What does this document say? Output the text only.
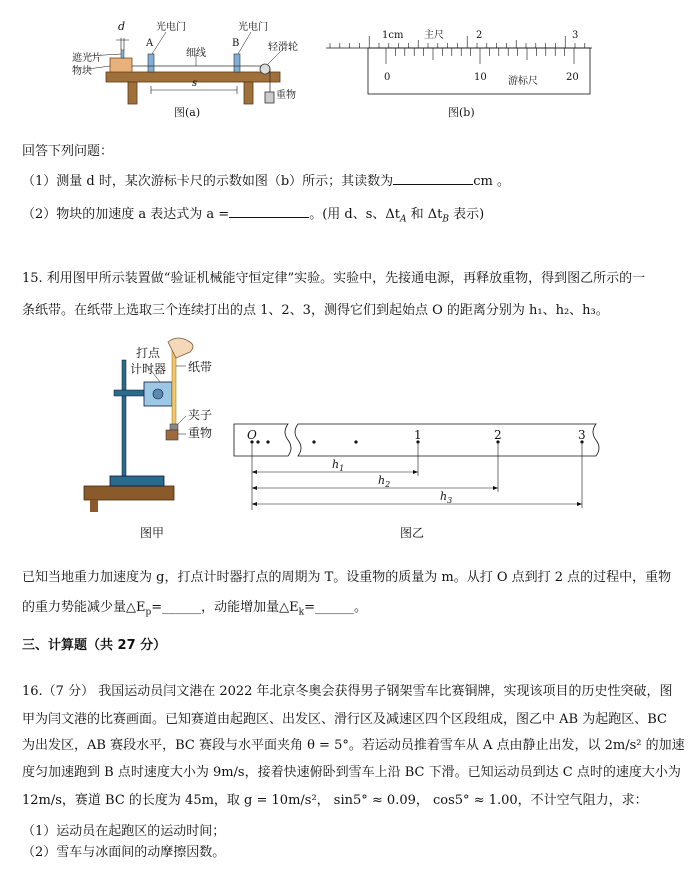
d
A	B
光电门	光电门
遮光片
物块
细线
轻滑轮
s
重物
图(a)
1cm 主尺	2	3
0	10 游标尺	20
图(b)
回答下列问题：
（1）测量 d 时，某次游标卡尺的示数如图（b）所示；其读数为	cm 。
（2）物块的加速度 a 表达式为 a =	。(用 d、s、$\Delta t_A$ 和 $\Delta t_B$ 表示)
15. 利用图甲所示装置做“验证机械能守恒定律”实验。实验中，先接通电源，再释放重物，得到图乙所示的一
条纸带。在纸带上选取三个连续打出的点 1、2、3，测得它们到起始点 O 的距离分别为 h₁、h₂、h₃。
打点
计时器 纸带
夹子
重物
图甲
O	1	2	3
$h_1$
$h_2$
$h_3$
图乙
已知当地重力加速度为 g，打点计时器打点的周期为 T。设重物的质量为 m。从打 O 点到打 2 点的过程中，重物
的重力势能减少量$\triangle E_p=\_\_\_\_\_\_$，动能增加量$\triangle E_k=\_\_\_\_\_\_$。
三、计算题（共 27 分）
16.（7 分） 我国运动员闫文港在 2022 年北京冬奥会获得男子钢架雪车比赛铜牌，实现该项目的历史性突破，图
甲为闫文港的比赛画面。已知赛道由起跑区、出发区、滑行区及减速区四个区段组成，图乙中 AB 为起跑区、BC
为出发区，AB 赛段水平，BC 赛段与水平面夹角 θ = 5°。若运动员推着雪车从 A 点由静止出发，以 2m/s² 的加速
度匀加速跑到 B 点时速度大小为 9m/s，接着快速俯卧到雪车上沿 BC 下滑。已知运动员到达 C 点时的速度大小为
12m/s，赛道 BC 的长度为 45m，取 g = 10m/s²， sin5° ≈ 0.09， cos5° ≈ 1.00，不计空气阻力，求：
（1）运动员在起跑区的运动时间；
（2）雪车与冰面间的动摩擦因数。
